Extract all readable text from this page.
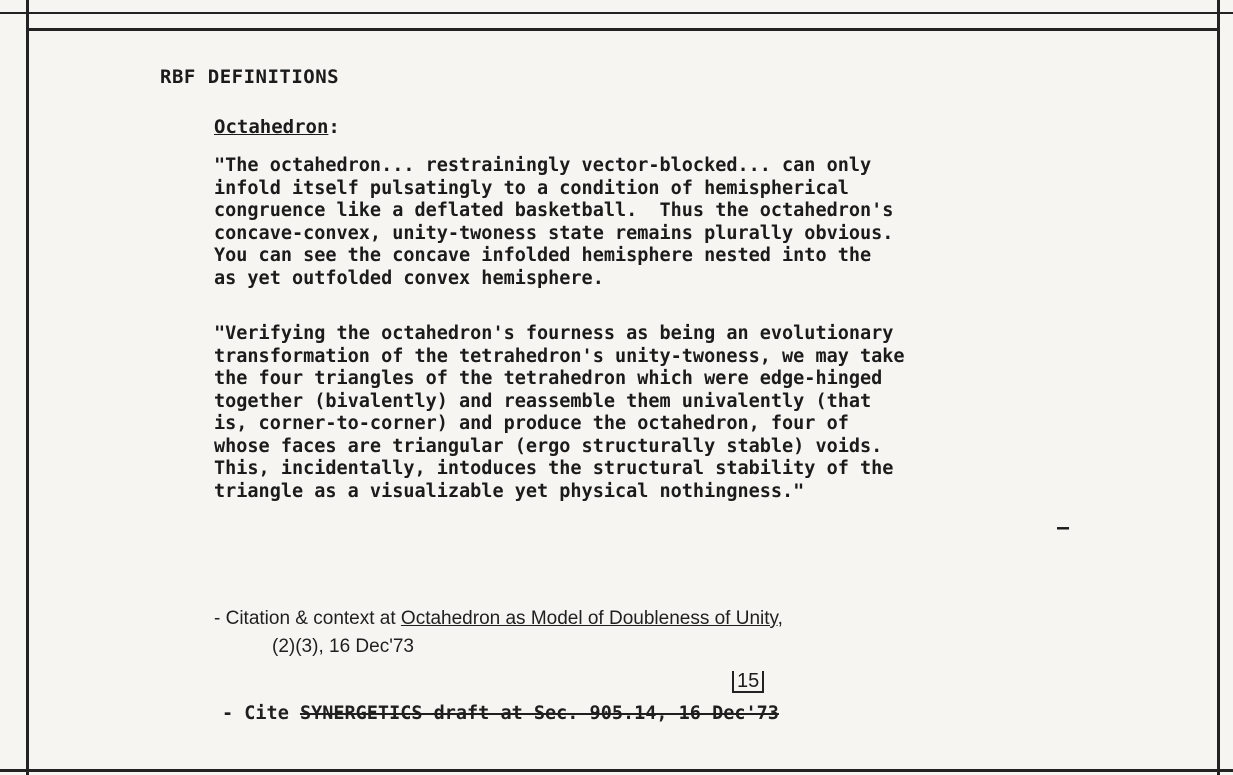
RBF DEFINITIONS
Octahedron:
"The octahedron... restrainingly vector-blocked... can only
infold itself pulsatingly to a condition of hemispherical
congruence like a deflated basketball.  Thus the octahedron's
concave-convex, unity-twoness state remains plurally obvious.
You can see the concave infolded hemisphere nested into the
as yet outfolded convex hemisphere.
"Verifying the octahedron's fourness as being an evolutionary
transformation of the tetrahedron's unity-twoness, we may take
the four triangles of the tetrahedron which were edge-hinged
together (bivalently) and reassemble them univalently (that
is, corner-to-corner) and produce the octahedron, four of
whose faces are triangular (ergo structurally stable) voids.
This, incidentally, intoduces the structural stability of the
triangle as a visualizable yet physical nothingness."
—
- Citation & context at Octahedron as Model of Doubleness of Unity,
(2)(3), 16 Dec'73
15
- Cite SYNERGETICS draft at Sec. 905.14, 16 Dec'73
